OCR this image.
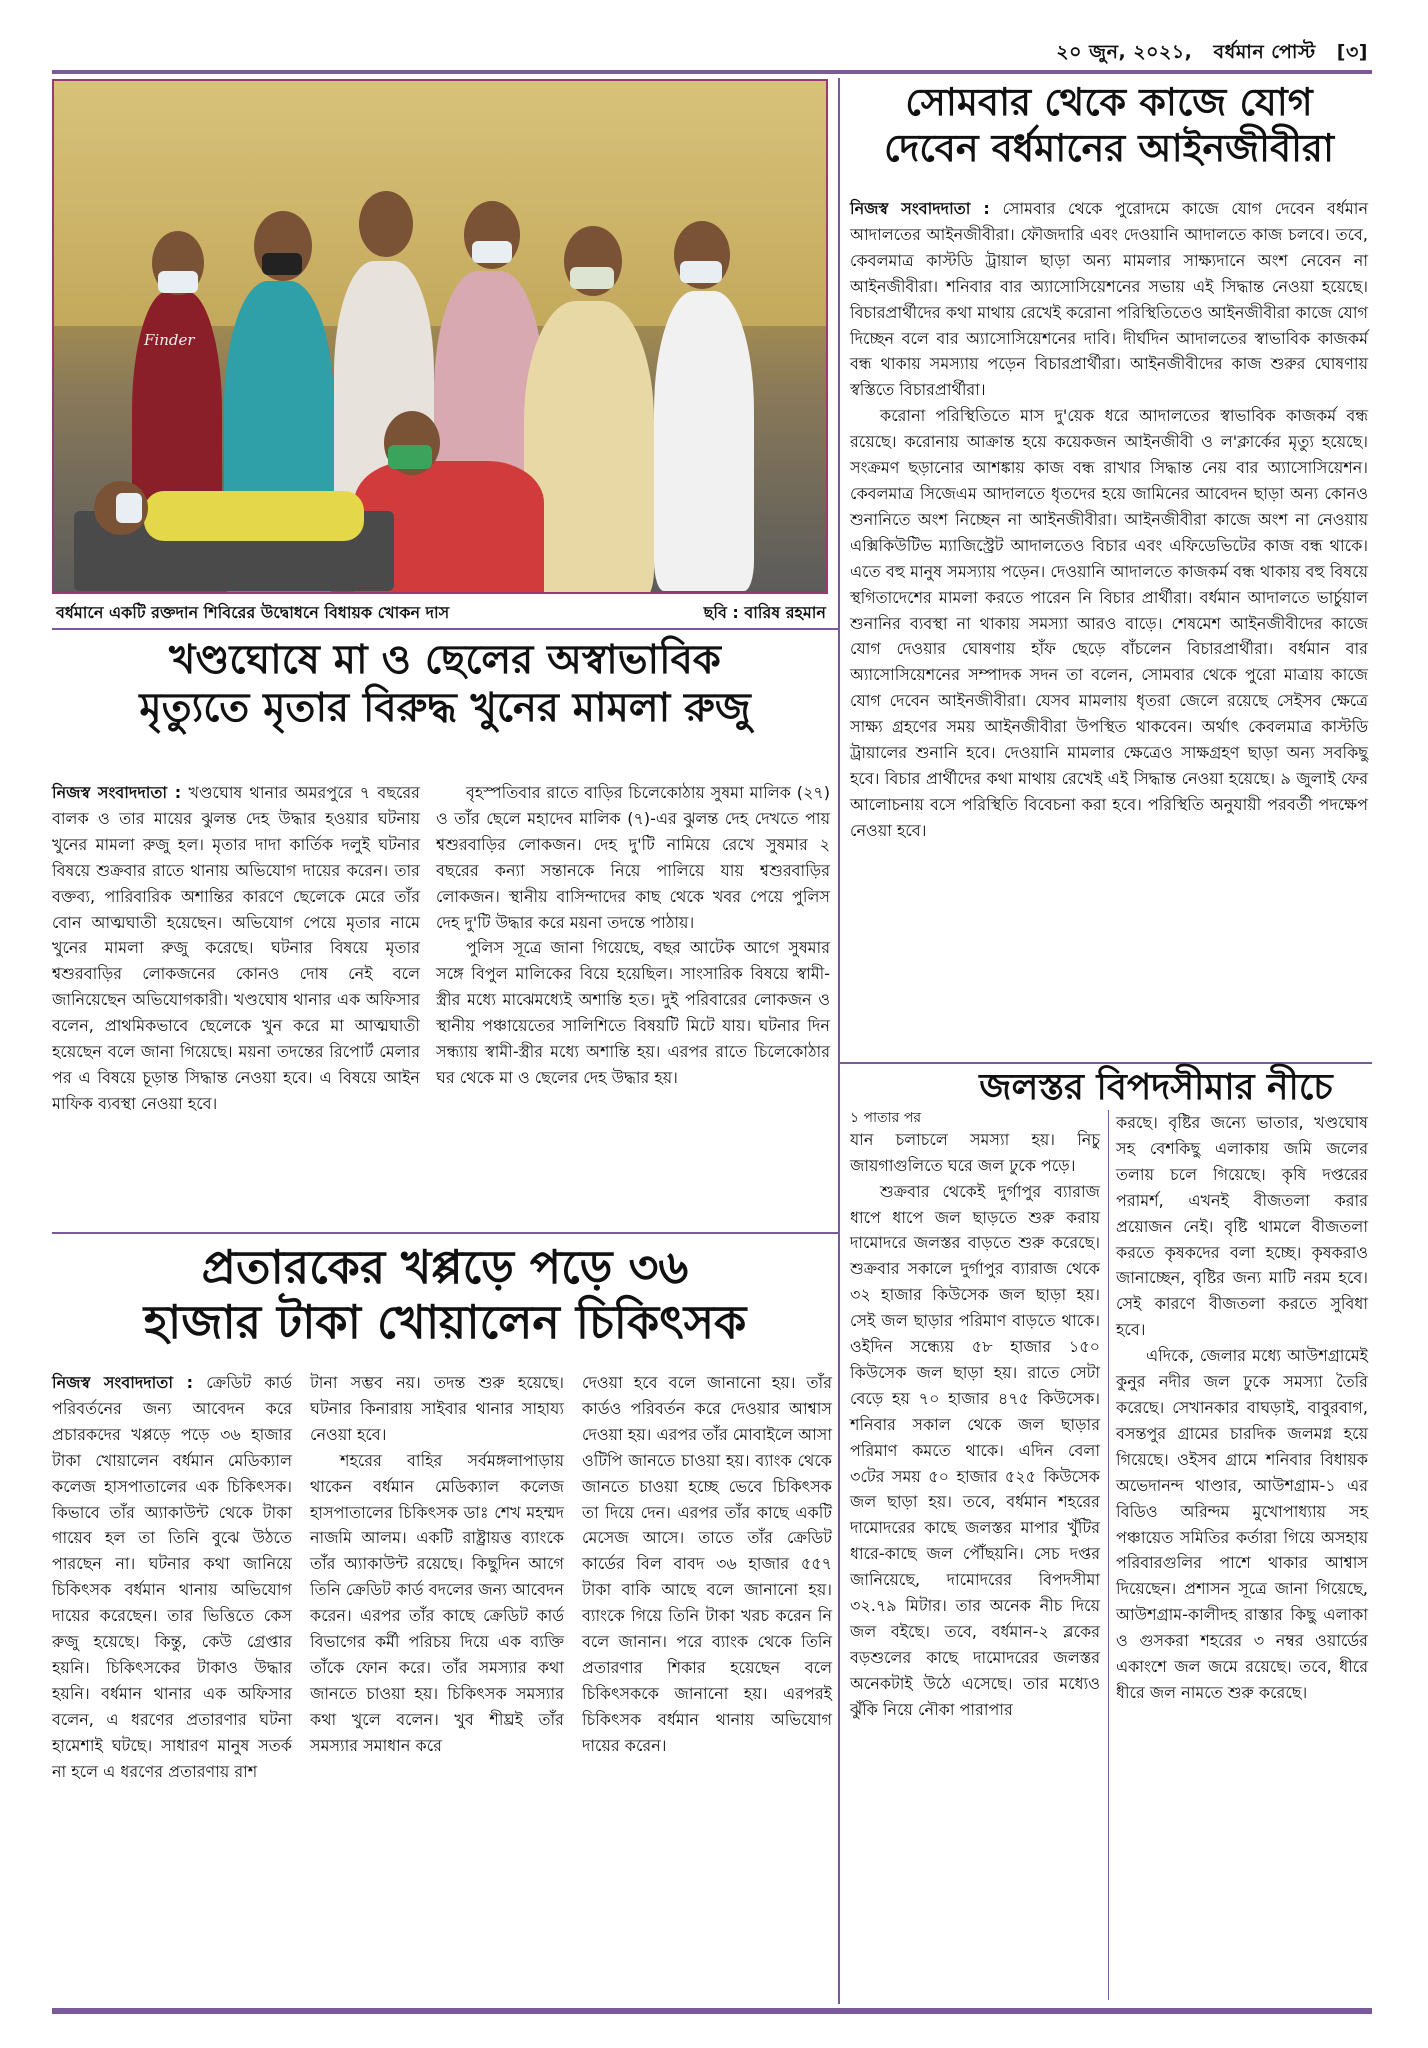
২০ জুন, ২০২১, বর্ধমান পোস্ট [৩]
Finder
বর্ধমানে একটি রক্তদান শিবিরের উদ্বোধনে বিধায়ক খোকন দাস	ছবি : বারিষ রহমান
খণ্ডঘোষে মা ও ছেলের অস্বাভাবিক
মৃত্যুতে মৃতার বিরুদ্ধ খুনের মামলা রুজু

নিজস্ব সংবাদদাতা : খণ্ডঘোষ থানার অমরপুরে ৭ বছরের বালক ও তার মায়ের ঝুলন্ত দেহ উদ্ধার হওয়ার ঘটনায় খুনের মামলা রুজু হল। মৃতার দাদা কার্তিক দলুই ঘটনার বিষয়ে শুক্রবার রাতে থানায় অভিযোগ দায়ের করেন। তার বক্তব্য, পারিবারিক অশান্তির কারণে ছেলেকে মেরে তাঁর বোন আত্মঘাতী হয়েছেন। অভিযোগ পেয়ে মৃতার নামে খুনের মামলা রুজু করেছে। ঘটনার বিষয়ে মৃতার শ্বশুরবাড়ির লোকজনের কোনও দোষ নেই বলে জানিয়েছেন অভিযোগকারী। খণ্ডঘোষ থানার এক অফিসার বলেন, প্রাথমিকভাবে ছেলেকে খুন করে মা আত্মঘাতী হয়েছেন বলে জানা গিয়েছে। ময়না তদন্তের রিপোর্ট মেলার পর এ বিষয়ে চূড়ান্ত সিদ্ধান্ত নেওয়া হবে। এ বিষয়ে আইন মাফিক ব্যবস্থা নেওয়া হবে।

বৃহস্পতিবার রাতে বাড়ির চিলেকোঠায় সুষমা মালিক (২৭) ও তাঁর ছেলে মহাদেব মালিক (৭)-এর ঝুলন্ত দেহ দেখতে পায় শ্বশুরবাড়ির লোকজন। দেহ দু'টি নামিয়ে রেখে সুষমার ২ বছরের কন্যা সন্তানকে নিয়ে পালিয়ে যায় শ্বশুরবাড়ির লোকজন। স্থানীয় বাসিন্দাদের কাছ থেকে খবর পেয়ে পুলিস দেহ দু'টি উদ্ধার করে ময়না তদন্তে পাঠায়।

পুলিস সূত্রে জানা গিয়েছে, বছর আটেক আগে সুষমার সঙ্গে বিপুল মালিকের বিয়ে হয়েছিল। সাংসারিক বিষয়ে স্বামী-স্ত্রীর মধ্যে মাঝেমধ্যেই অশান্তি হত। দুই পরিবারের লোকজন ও স্থানীয় পঞ্চায়েতের সালিশিতে বিষয়টি মিটে যায়। ঘটনার দিন সন্ধ্যায় স্বামী-স্ত্রীর মধ্যে অশান্তি হয়। এরপর রাতে চিলেকোঠার ঘর থেকে মা ও ছেলের দেহ উদ্ধার হয়।

প্রতারকের খপ্পড়ে পড়ে ৩৬
হাজার টাকা খোয়ালেন চিকিৎসক

নিজস্ব সংবাদদাতা : ক্রেডিট কার্ড পরিবর্তনের জন্য আবেদন করে প্রচারকদের খপ্পড়ে পড়ে ৩৬ হাজার টাকা খোয়ালেন বর্ধমান মেডিক্যাল কলেজ হাসপাতালের এক চিকিৎসক। কিভাবে তাঁর অ্যাকাউন্ট থেকে টাকা গায়েব হল তা তিনি বুঝে উঠতে পারছেন না। ঘটনার কথা জানিয়ে চিকিৎসক বর্ধমান থানায় অভিযোগ দায়ের করেছেন। তার ভিত্তিতে কেস রুজু হয়েছে। কিন্তু, কেউ গ্রেপ্তার হয়নি। চিকিৎসকের টাকাও উদ্ধার হয়নি। বর্ধমান থানার এক অফিসার বলেন, এ ধরণের প্রতারণার ঘটনা হামেশাই ঘটছে। সাধারণ মানুষ সতর্ক না হলে এ ধরণের প্রতারণায় রাশ

টানা সম্ভব নয়। তদন্ত শুরু হয়েছে। ঘটনার কিনারায় সাইবার থানার সাহায্য নেওয়া হবে।

শহরের বাহির সর্বমঙ্গলাপাড়ায় থাকেন বর্ধমান মেডিক্যাল কলেজ হাসপাতালের চিকিৎসক ডাঃ শেখ মহম্মদ নাজমি আলম। একটি রাষ্ট্রায়ত্ত ব্যাংকে তাঁর অ্যাকাউন্ট রয়েছে। কিছুদিন আগে তিনি ক্রেডিট কার্ড বদলের জন্য আবেদন করেন। এরপর তাঁর কাছে ক্রেডিট কার্ড বিভাগের কর্মী পরিচয় দিয়ে এক ব্যক্তি তাঁকে ফোন করে। তাঁর সমস্যার কথা জানতে চাওয়া হয়। চিকিৎসক সমস্যার কথা খুলে বলেন। খুব শীঘ্রই তাঁর সমস্যার সমাধান করে

দেওয়া হবে বলে জানানো হয়। তাঁর কার্ডও পরিবর্তন করে দেওয়ার আশ্বাস দেওয়া হয়। এরপর তাঁর মোবাইলে আসা ওটিপি জানতে চাওয়া হয়। ব্যাংক থেকে জানতে চাওয়া হচ্ছে ভেবে চিকিৎসক তা দিয়ে দেন। এরপর তাঁর কাছে একটি মেসেজ আসে। তাতে তাঁর ক্রেডিট কার্ডের বিল বাবদ ৩৬ হাজার ৫৫৭ টাকা বাকি আছে বলে জানানো হয়। ব্যাংকে গিয়ে তিনি টাকা খরচ করেন নি বলে জানান। পরে ব্যাংক থেকে তিনি প্রতারণার শিকার হয়েছেন বলে চিকিৎসককে জানানো হয়। এরপরই চিকিৎসক বর্ধমান থানায় অভিযোগ দায়ের করেন।

সোমবার থেকে কাজে যোগ
দেবেন বর্ধমানের আইনজীবীরা

নিজস্ব সংবাদদাতা : সোমবার থেকে পুরোদমে কাজে যোগ দেবেন বর্ধমান আদালতের আইনজীবীরা। ফৌজদারি এবং দেওয়ানি আদালতে কাজ চলবে। তবে, কেবলমাত্র কাস্টডি ট্রায়াল ছাড়া অন্য মামলার সাক্ষ্যদানে অংশ নেবেন না আইনজীবীরা। শনিবার বার অ্যাসোসিয়েশনের সভায় এই সিদ্ধান্ত নেওয়া হয়েছে। বিচারপ্রার্থীদের কথা মাথায় রেখেই করোনা পরিস্থিতিতেও আইনজীবীরা কাজে যোগ দিচ্ছেন বলে বার অ্যাসোসিয়েশনের দাবি। দীর্ঘদিন আদালতের স্বাভাবিক কাজকর্ম বন্ধ থাকায় সমস্যায় পড়েন বিচারপ্রার্থীরা। আইনজীবীদের কাজ শুরুর ঘোষণায় স্বস্তিতে বিচারপ্রার্থীরা।

করোনা পরিস্থিতিতে মাস দু'য়েক ধরে আদালতের স্বাভাবিক কাজকর্ম বন্ধ রয়েছে। করোনায় আক্রান্ত হয়ে কয়েকজন আইনজীবী ও ল'ক্লার্কের মৃত্যু হয়েছে। সংক্রমণ ছড়ানোর আশঙ্কায় কাজ বন্ধ রাখার সিদ্ধান্ত নেয় বার অ্যাসোসিয়েশন। কেবলমাত্র সিজেএম আদালতে ধৃতদের হয়ে জামিনের আবেদন ছাড়া অন্য কোনও শুনানিতে অংশ নিচ্ছেন না আইনজীবীরা। আইনজীবীরা কাজে অংশ না নেওয়ায় এক্সিকিউটিভ ম্যাজিস্ট্রেট আদালতেও বিচার এবং এফিডেভিটের কাজ বন্ধ থাকে। এতে বহু মানুষ সমস্যায় পড়েন। দেওয়ানি আদালতে কাজকর্ম বন্ধ থাকায় বহু বিষয়ে স্থগিতাদেশের মামলা করতে পারেন নি বিচার প্রার্থীরা। বর্ধমান আদালতে ভার্চুয়াল শুনানির ব্যবস্থা না থাকায় সমস্যা আরও বাড়ে। শেষমেশ আইনজীবীদের কাজে যোগ দেওয়ার ঘোষণায় হাঁফ ছেড়ে বাঁচলেন বিচারপ্রার্থীরা। বর্ধমান বার অ্যাসোসিয়েশনের সম্পাদক সদন তা বলেন, সোমবার থেকে পুরো মাত্রায় কাজে যোগ দেবেন আইনজীবীরা। যেসব মামলায় ধৃতরা জেলে রয়েছে সেইসব ক্ষেত্রে সাক্ষ্য গ্রহণের সময় আইনজীবীরা উপস্থিত থাকবেন। অর্থাৎ কেবলমাত্র কাস্টডি ট্রায়ালের শুনানি হবে। দেওয়ানি মামলার ক্ষেত্রেও সাক্ষগ্রহণ ছাড়া অন্য সবকিছু হবে। বিচার প্রার্থীদের কথা মাথায় রেখেই এই সিদ্ধান্ত নেওয়া হয়েছে। ৯ জুলাই ফের আলোচনায় বসে পরিস্থিতি বিবেচনা করা হবে। পরিস্থিতি অনুযায়ী পরবর্তী পদক্ষেপ নেওয়া হবে।

জলস্তর বিপদসীমার নীচে

১ পাতার পর

যান চলাচলে সমস্যা হয়। নিচু জায়গাগুলিতে ঘরে জল ঢুকে পড়ে।

শুক্রবার থেকেই দুর্গাপুর ব্যারাজ ধাপে ধাপে জল ছাড়তে শুরু করায় দামোদরে জলস্তর বাড়তে শুরু করেছে। শুক্রবার সকালে দুর্গাপুর ব্যারাজ থেকে ৩২ হাজার কিউসেক জল ছাড়া হয়। সেই জল ছাড়ার পরিমাণ বাড়তে থাকে। ওইদিন সন্ধ্যেয় ৫৮ হাজার ১৫০ কিউসেক জল ছাড়া হয়। রাতে সেটা বেড়ে হয় ৭০ হাজার ৪৭৫ কিউসেক। শনিবার সকাল থেকে জল ছাড়ার পরিমাণ কমতে থাকে। এদিন বেলা ৩টের সময় ৫০ হাজার ৫২৫ কিউসেক জল ছাড়া হয়। তবে, বর্ধমান শহরের দামোদরের কাছে জলস্তর মাপার খুঁটির ধারে-কাছে জল পৌঁছয়নি। সেচ দপ্তর জানিয়েছে, দামোদরের বিপদসীমা ৩২.৭৯ মিটার। তার অনেক নীচ দিয়ে জল বইছে। তবে, বর্ধমান-২ ব্লকের বড়শুলের কাছে দামোদরের জলস্তর অনেকটাই উঠে এসেছে। তার মধ্যেও ঝুঁকি নিয়ে নৌকা পারাপার

করছে। বৃষ্টির জন্যে ভাতার, খণ্ডঘোষ সহ বেশকিছু এলাকায় জমি জলের তলায় চলে গিয়েছে। কৃষি দপ্তরের পরামর্শ, এখনই বীজতলা করার প্রয়োজন নেই। বৃষ্টি থামলে বীজতলা করতে কৃষকদের বলা হচ্ছে। কৃষকরাও জানাচ্ছেন, বৃষ্টির জন্য মাটি নরম হবে। সেই কারণে বীজতলা করতে সুবিধা হবে।

এদিকে, জেলার মধ্যে আউশগ্রামেই কুনুর নদীর জল ঢুকে সমস্যা তৈরি করেছে। সেখানকার বাঘড়াই, বাবুরবাগ, বসন্তপুর গ্রামের চারদিক জলমগ্ন হয়ে গিয়েছে। ওইসব গ্রামে শনিবার বিধায়ক অভেদানন্দ থাণ্ডার, আউশগ্রাম-১ এর বিডিও অরিন্দম মুখোপাধ্যায় সহ পঞ্চায়েত সমিতির কর্তারা গিয়ে অসহায় পরিবারগুলির পাশে থাকার আশ্বাস দিয়েছেন। প্রশাসন সূত্রে জানা গিয়েছে, আউশগ্রাম-কালীদহ রাস্তার কিছু এলাকা ও গুসকরা শহরের ৩ নম্বর ওয়ার্ডের একাংশে জল জমে রয়েছে। তবে, ধীরে ধীরে জল নামতে শুরু করেছে।
